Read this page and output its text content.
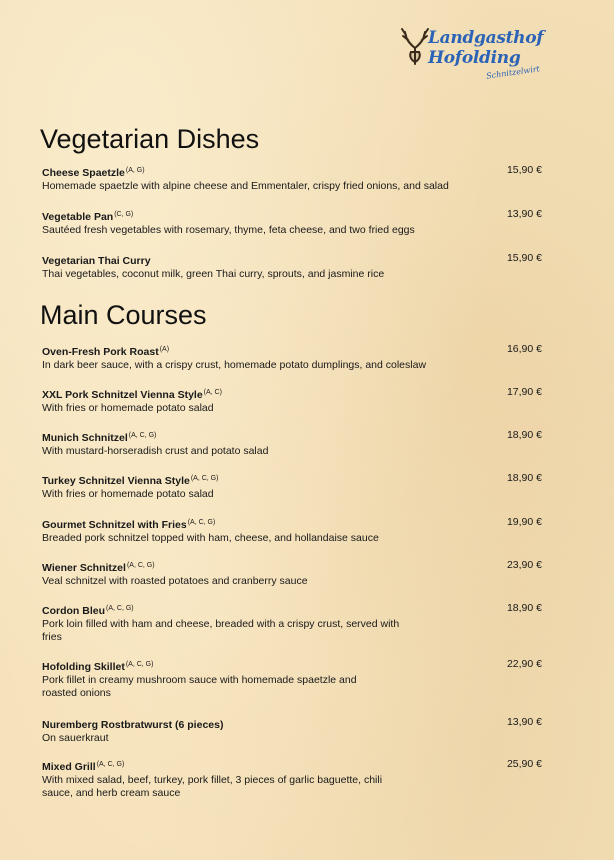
Landgasthof
Hofolding
Schnitzelwirt
Vegetarian Dishes
Cheese Spaetzle$^{(A, G)}$
Homemade spaetzle with alpine cheese and Emmentaler, crispy fried onions, and salad
15,90 €
Vegetable Pan$^{(C, G)}$
Sautéed fresh vegetables with rosemary, thyme, feta cheese, and two fried eggs
13,90 €
Vegetarian Thai Curry
Thai vegetables, coconut milk, green Thai curry, sprouts, and jasmine rice
15,90 €
Main Courses
Oven-Fresh Pork Roast$^{(A)}$
In dark beer sauce, with a crispy crust, homemade potato dumplings, and coleslaw
16,90 €
XXL Pork Schnitzel Vienna Style$^{(A, C)}$
With fries or homemade potato salad
17,90 €
Munich Schnitzel$^{(A, C, G)}$
With mustard-horseradish crust and potato salad
18,90 €
Turkey Schnitzel Vienna Style$^{(A, C, G)}$
With fries or homemade potato salad
18,90 €
Gourmet Schnitzel with Fries$^{(A, C, G)}$
Breaded pork schnitzel topped with ham, cheese, and hollandaise sauce
19,90 €
Wiener Schnitzel$^{(A, C, G)}$
Veal schnitzel with roasted potatoes and cranberry sauce
23,90 €
Cordon Bleu$^{(A, C, G)}$
Pork loin filled with ham and cheese, breaded with a crispy crust, served with fries
18,90 €
Hofolding Skillet$^{(A, C, G)}$
Pork fillet in creamy mushroom sauce with homemade spaetzle and roasted onions
22,90 €
Nuremberg Rostbratwurst (6 pieces)
On sauerkraut
13,90 €
Mixed Grill$^{(A, C, G)}$
With mixed salad, beef, turkey, pork fillet, 3 pieces of garlic baguette, chili sauce, and herb cream sauce
25,90 €
